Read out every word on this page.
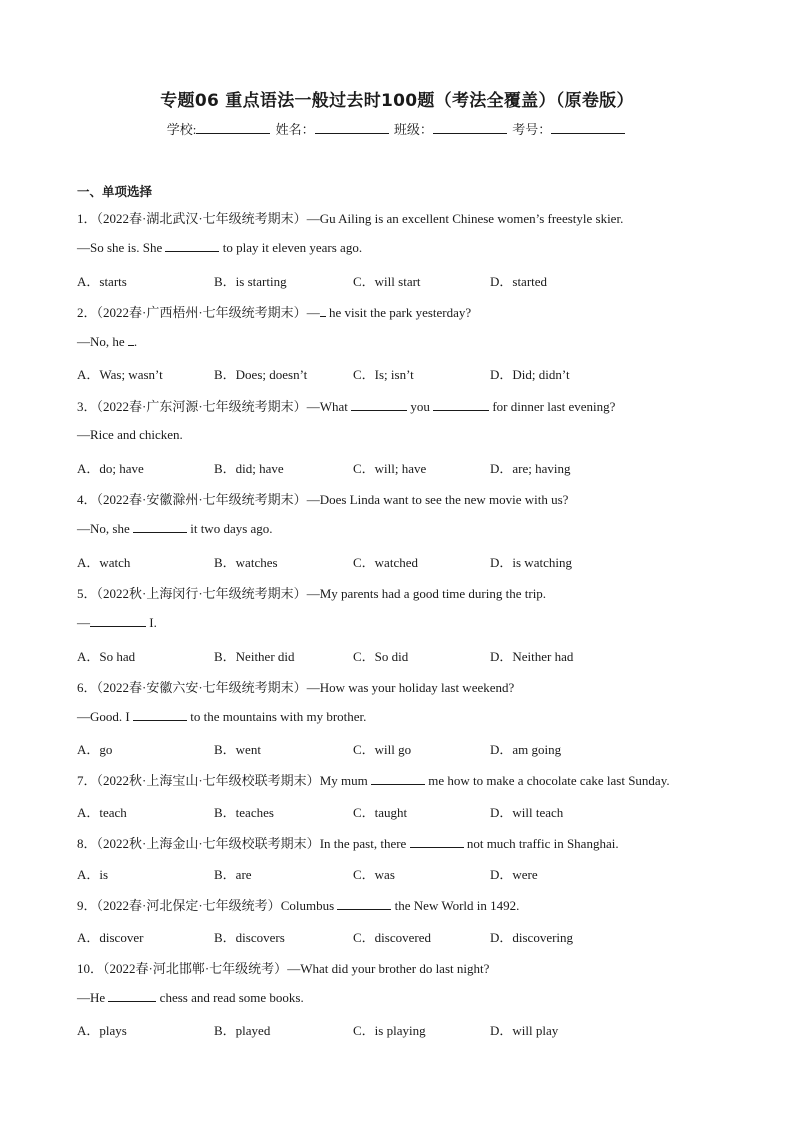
专题06 重点语法一般过去时100题（考法全覆盖）（原卷版）
学校:	姓名：	班级：	考号：
一、单项选择
1．（2022春·湖北武汉·七年级统考期末）—Gu Ailing is an excellent Chinese women’s freestyle skier.
—So she is. She	to play it eleven years ago.
A．starts	B．is starting	C．will start	D．started
2．（2022春·广西梧州·七年级统考期末）— he visit the park yesterday?
—No, he .
A．Was; wasn’t	B．Does; doesn’t	C．Is; isn’t	D．Did; didn’t
3．（2022春·广东河源·七年级统考期末）—What	you	for dinner last evening?
—Rice and chicken.
A．do; have	B．did; have	C．will; have	D．are; having
4．（2022春·安徽滁州·七年级统考期末）—Does Linda want to see the new movie with us?
—No, she	it two days ago.
A．watch	B．watches	C．watched	D．is watching
5．（2022秋·上海闵行·七年级统考期末）—My parents had a good time during the trip.
—	I.
A．So had	B．Neither did	C．So did	D．Neither had
6．（2022春·安徽六安·七年级统考期末）—How was your holiday last weekend?
—Good. I	to the mountains with my brother.
A．go	B．went	C．will go	D．am going
7．（2022秋·上海宝山·七年级校联考期末）My mum	me how to make a chocolate cake last Sunday.
A．teach	B．teaches	C．taught	D．will teach
8．（2022秋·上海金山·七年级校联考期末）In the past, there	not much traffic in Shanghai.
A．is	B．are	C．was	D．were
9．（2022春·河北保定·七年级统考）Columbus	the New World in 1492.
A．discover	B．discovers	C．discovered	D．discovering
10．（2022春·河北邯郸·七年级统考）—What did your brother do last night?
—He	chess and read some books.
A．plays	B．played	C．is playing	D．will play
